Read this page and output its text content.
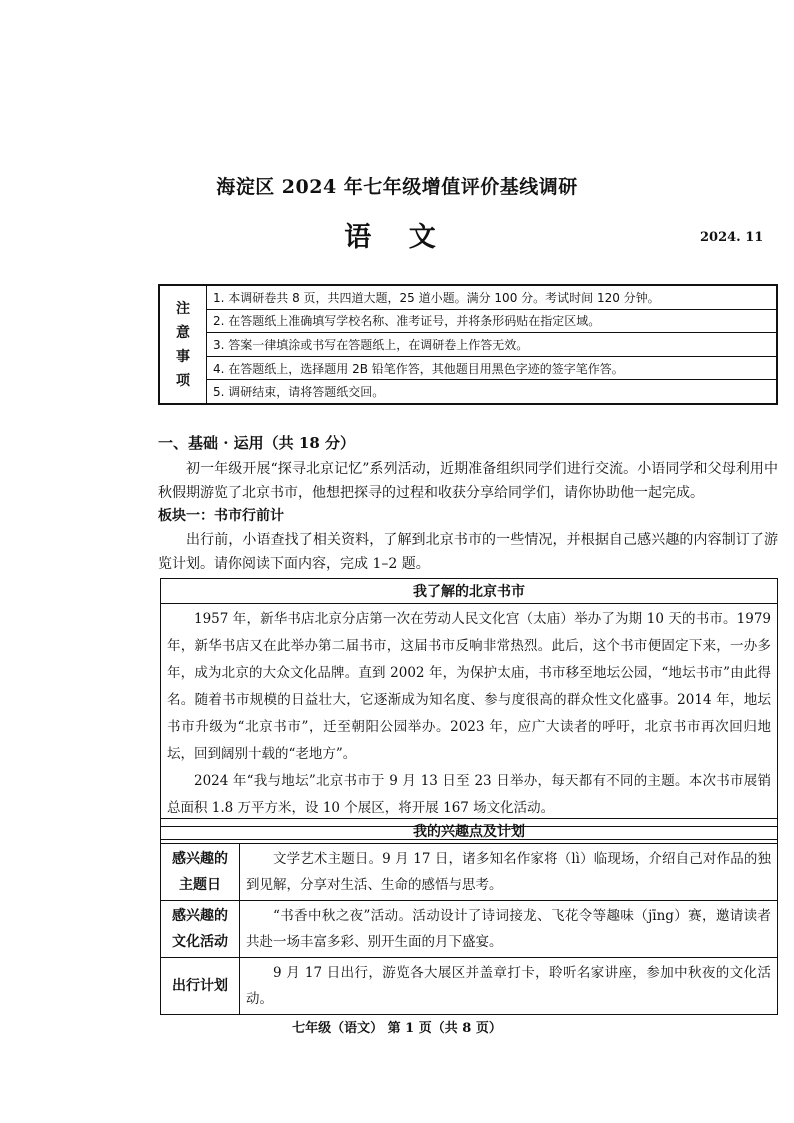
海淀区 2024 年七年级增值评价基线调研
语 文	2024. 11
注
意
事
项
1. 本调研卷共 8 页，共四道大题，25 道小题。满分 100 分。考试时间 120 分钟。
2. 在答题纸上准确填写学校名称、准考证号，并将条形码贴在指定区域。
3. 答案一律填涂或书写在答题纸上，在调研卷上作答无效。
4. 在答题纸上，选择题用 2B 铅笔作答，其他题目用黑色字迹的签字笔作答。
5. 调研结束，请将答题纸交回。
一、基础 · 运用（共 18 分）
初一年级开展“探寻北京记忆”系列活动，近期准备组织同学们进行交流。小语同学和父母利用中秋假期游览了北京书市，他想把探寻的过程和收获分享给同学们，请你协助他一起完成。
板块一：书市行前计
出行前，小语查找了相关资料，了解到北京书市的一些情况，并根据自己感兴趣的内容制订了游览计划。请你阅读下面内容，完成 1–2 题。
我了解的北京书市

1957 年，新华书店北京分店第一次在劳动人民文化宫（太庙）举办了为期 10 天的书市。1979 年，新华书店又在此举办第二届书市，这届书市反响非常热烈。此后，这个书市便固定下来，一办多年，成为北京的大众文化品牌。直到 2002 年，为保护太庙，书市移至地坛公园，“地坛书市”由此得名。随着书市规模的日益壮大，它逐渐成为知名度、参与度很高的群众性文化盛事。2014 年，地坛书市升级为“北京书市”，迁至朝阳公园举办。2023 年，应广大读者的呼吁，北京书市再次回归地坛，回到阔别十载的“老地方”。

2024 年“我与地坛”北京书市于 9 月 13 日至 23 日举办，每天都有不同的主题。本次书市展销总面积 1.8 万平方米，设 10 个展区，将开展 167 场文化活动。

我的兴趣点及计划	
感兴趣的
主题日	文学艺术主题日。9 月 17 日，诸多知名作家将（lì）临现场，介绍自己对作品的独到见解，分享对生活、生命的感悟与思考。
感兴趣的
文化活动	“书香中秋之夜”活动。活动设计了诗词接龙、飞花令等趣味（jīng）赛，邀请读者共赴一场丰富多彩、别开生面的月下盛宴。
出行计划	9 月 17 日出行，游览各大展区并盖章打卡，聆听名家讲座，参加中秋夜的文化活动。
七年级（语文） 第 1 页（共 8 页）
